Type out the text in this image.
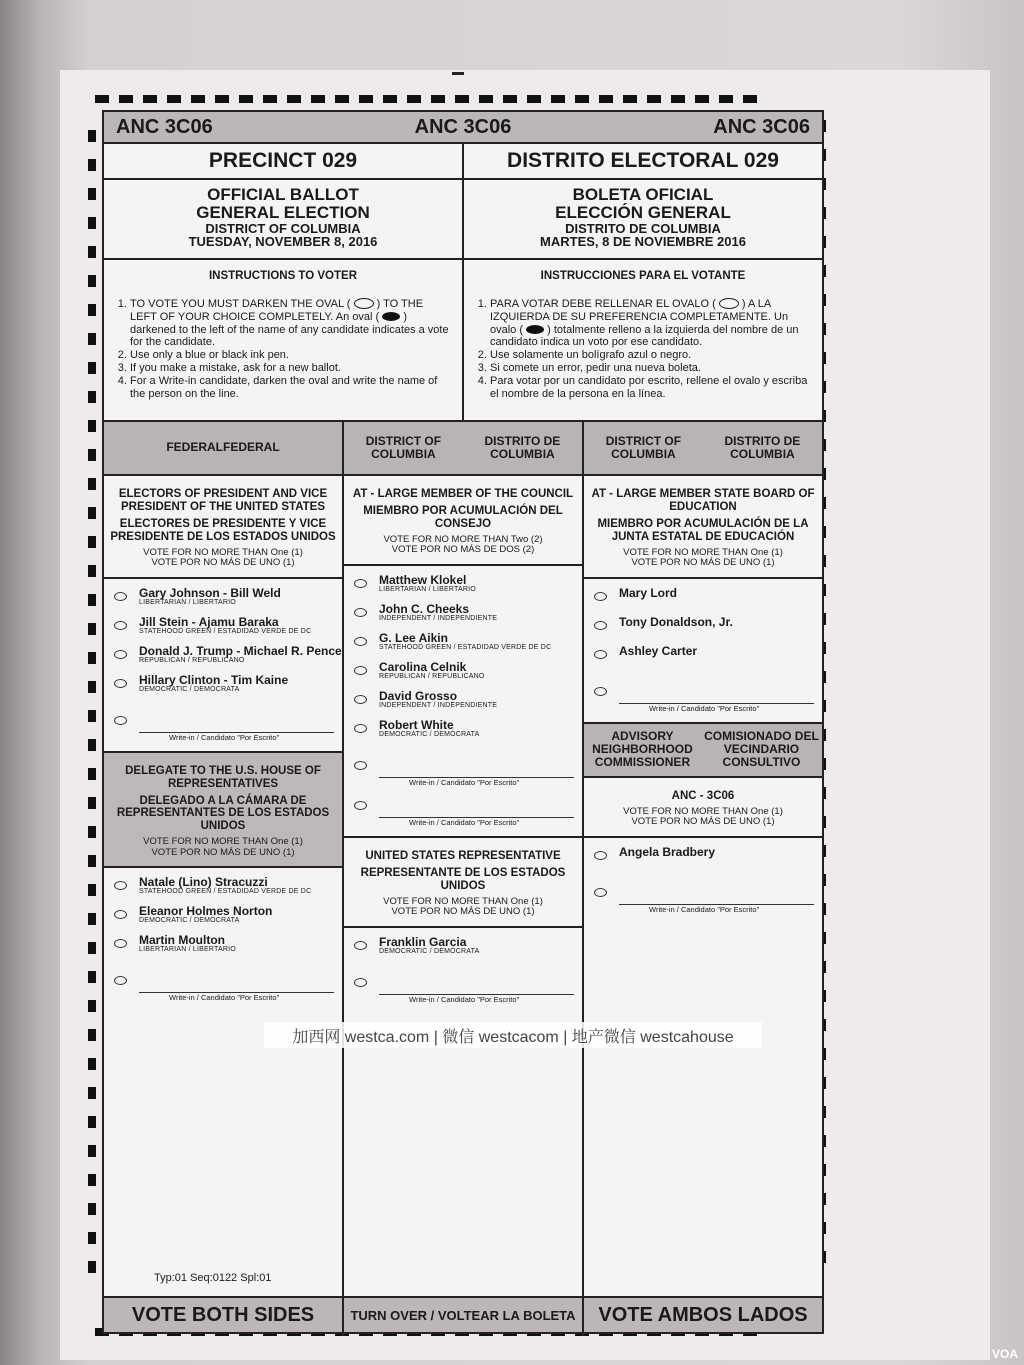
ANC 3C06	ANC 3C06	ANC 3C06
PRECINCT 029	DISTRITO ELECTORAL 029
OFFICIAL BALLOT
GENERAL ELECTION
DISTRICT OF COLUMBIA
TUESDAY, NOVEMBER 8, 2016
BOLETA OFICIAL
ELECCIÓN GENERAL
DISTRITO DE COLUMBIA
MARTES, 8 DE NOVIEMBRE 2016
INSTRUCTIONS TO VOTER
1. TO VOTE YOU MUST DARKEN THE OVAL ( ) TO THE LEFT OF YOUR CHOICE COMPLETELY. An oval ( ) darkened to the left of the name of any candidate indicates a vote for the candidate.
2. Use only a blue or black ink pen.
3. If you make a mistake, ask for a new ballot.
4. For a Write-in candidate, darken the oval and write the name of the person on the line.
INSTRUCCIONES PARA EL VOTANTE
1. PARA VOTAR DEBE RELLENAR EL OVALO ( ) A LA IZQUIERDA DE SU PREFERENCIA COMPLETAMENTE. Un ovalo ( ) totalmente relleno a la izquierda del nombre de un candidato indica un voto por ese candidato.
2. Use solamente un bolígrafo azul o negro.
3. Si comete un error, pedir una nueva boleta.
4. Para votar por un candidato por escrito, rellene el ovalo y escriba el nombre de la persona en la línea.
FEDERAL FEDERAL
ELECTORS OF PRESIDENT AND VICE PRESIDENT OF THE UNITED STATES
ELECTORES DE PRESIDENTE Y VICE PRESIDENTE DE LOS ESTADOS UNIDOS
VOTE FOR NO MORE THAN One (1)
VOTE POR NO MÁS DE UNO (1)
Gary Johnson - Bill Weld
LIBERTARIAN / LIBERTARIO
Jill Stein - Ajamu Baraka
STATEHOOD GREEN / ESTADIDAD VERDE DE DC
Donald J. Trump - Michael R. Pence
REPUBLICAN / REPUBLICANO
Hillary Clinton - Tim Kaine
DEMOCRATIC / DEMÓCRATA
Write-in / Candidato "Por Escrito"
DELEGATE TO THE U.S. HOUSE OF REPRESENTATIVES
DELEGADO A LA CÁMARA DE REPRESENTANTES DE LOS ESTADOS UNIDOS
VOTE FOR NO MORE THAN One (1)
VOTE POR NO MÁS DE UNO (1)
Natale (Lino) Stracuzzi
STATEHOOD GREEN / ESTADIDAD VERDE DE DC
Eleanor Holmes Norton
DEMOCRATIC / DEMÓCRATA
Martin Moulton
LIBERTARIAN / LIBERTARIO
Write-in / Candidato "Por Escrito"
DISTRICT OF COLUMBIA
DISTRITO DE COLUMBIA
AT - LARGE MEMBER OF THE COUNCIL
MIEMBRO POR ACUMULACIÓN DEL CONSEJO
VOTE FOR NO MORE THAN Two (2)
VOTE POR NO MÁS DE DOS (2)
Matthew Klokel
LIBERTARIAN / LIBERTARIO
John C. Cheeks
INDEPENDENT / INDEPENDIENTE
G. Lee Aikin
STATEHOOD GREEN / ESTADIDAD VERDE DE DC
Carolina Celnik
REPUBLICAN / REPUBLICANO
David Grosso
INDEPENDENT / INDEPENDIENTE
Robert White
DEMOCRATIC / DEMÓCRATA
Write-in / Candidato "Por Escrito"
Write-in / Candidato "Por Escrito"
UNITED STATES REPRESENTATIVE
REPRESENTANTE DE LOS ESTADOS UNIDOS
VOTE FOR NO MORE THAN One (1)
VOTE POR NO MÁS DE UNO (1)
Franklin Garcia
DEMOCRATIC / DEMÓCRATA
Write-in / Candidato "Por Escrito"
DISTRICT OF COLUMBIA
DISTRITO DE COLUMBIA
AT - LARGE MEMBER STATE BOARD OF EDUCATION
MIEMBRO POR ACUMULACIÓN DE LA JUNTA ESTATAL DE EDUCACIÓN
VOTE FOR NO MORE THAN One (1)
VOTE POR NO MÁS DE UNO (1)
Mary Lord
Tony Donaldson, Jr.
Ashley Carter
Write-in / Candidato "Por Escrito"
ADVISORY NEIGHBORHOOD COMMISSIONER
COMISIONADO DEL VECINDARIO CONSULTIVO
ANC - 3C06
VOTE FOR NO MORE THAN One (1)
VOTE POR NO MÁS DE UNO (1)
Angela Bradbery
Write-in / Candidato "Por Escrito"
VOTE BOTH SIDES	TURN OVER / VOLTEAR LA BOLETA	VOTE AMBOS LADOS
Typ:01 Seq:0122 Spl:01
加西网 westca.com | 微信 westcacom | 地产微信 westcahouse
VOA
